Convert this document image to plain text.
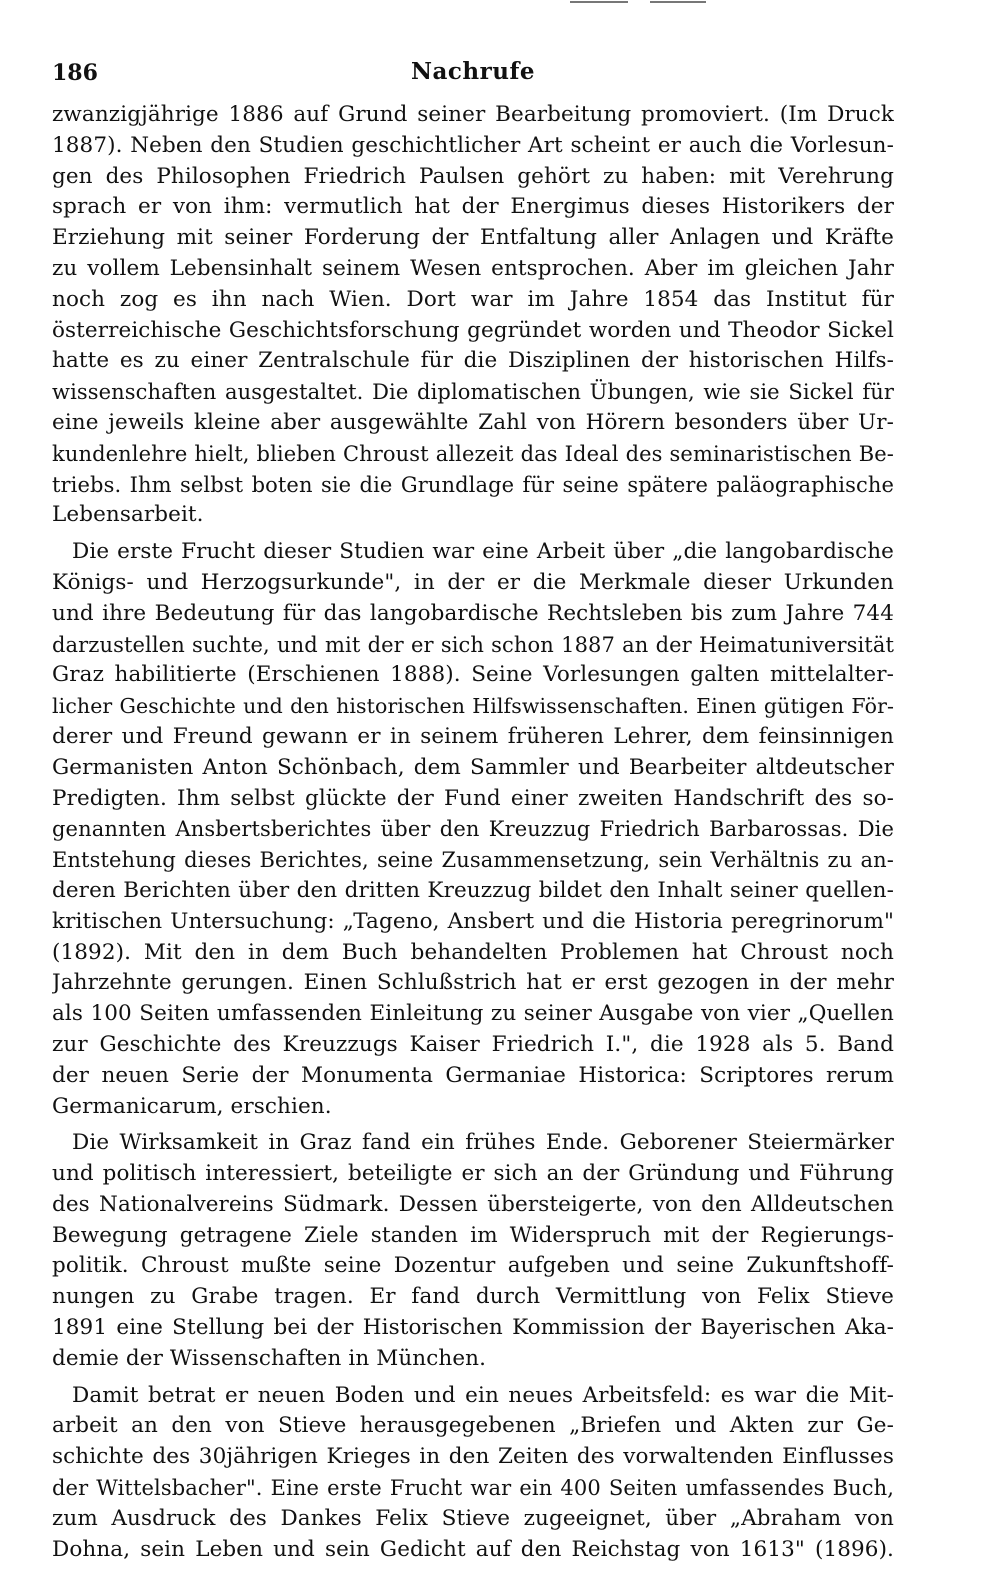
186	Nachrufe
zwanzigjährige 1886 auf Grund seiner Bearbeitung promoviert. (Im Druck
1887). Neben den Studien geschichtlicher Art scheint er auch die Vorlesun-
gen des Philosophen Friedrich Paulsen gehört zu haben: mit Verehrung
sprach er von ihm: vermutlich hat der Energimus dieses Historikers der
Erziehung mit seiner Forderung der Entfaltung aller Anlagen und Kräfte
zu vollem Lebensinhalt seinem Wesen entsprochen. Aber im gleichen Jahr
noch zog es ihn nach Wien. Dort war im Jahre 1854 das Institut für
österreichische Geschichtsforschung gegründet worden und Theodor Sickel
hatte es zu einer Zentralschule für die Disziplinen der historischen Hilfs-
wissenschaften ausgestaltet. Die diplomatischen Übungen, wie sie Sickel für
eine jeweils kleine aber ausgewählte Zahl von Hörern besonders über Ur-
kundenlehre hielt, blieben Chroust allezeit das Ideal des seminaristischen Be-
triebs. Ihm selbst boten sie die Grundlage für seine spätere paläographische
Lebensarbeit.
Die erste Frucht dieser Studien war eine Arbeit über „die langobardische
Königs- und Herzogsurkunde", in der er die Merkmale dieser Urkunden
und ihre Bedeutung für das langobardische Rechtsleben bis zum Jahre 744
darzustellen suchte, und mit der er sich schon 1887 an der Heimatuniversität
Graz habilitierte (Erschienen 1888). Seine Vorlesungen galten mittelalter-
licher Geschichte und den historischen Hilfswissenschaften. Einen gütigen För-
derer und Freund gewann er in seinem früheren Lehrer, dem feinsinnigen
Germanisten Anton Schönbach, dem Sammler und Bearbeiter altdeutscher
Predigten. Ihm selbst glückte der Fund einer zweiten Handschrift des so-
genannten Ansbertsberichtes über den Kreuzzug Friedrich Barbarossas. Die
Entstehung dieses Berichtes, seine Zusammensetzung, sein Verhältnis zu an-
deren Berichten über den dritten Kreuzzug bildet den Inhalt seiner quellen-
kritischen Untersuchung: „Tageno, Ansbert und die Historia peregrinorum"
(1892). Mit den in dem Buch behandelten Problemen hat Chroust noch
Jahrzehnte gerungen. Einen Schlußstrich hat er erst gezogen in der mehr
als 100 Seiten umfassenden Einleitung zu seiner Ausgabe von vier „Quellen
zur Geschichte des Kreuzzugs Kaiser Friedrich I.", die 1928 als 5. Band
der neuen Serie der Monumenta Germaniae Historica: Scriptores rerum
Germanicarum, erschien.
Die Wirksamkeit in Graz fand ein frühes Ende. Geborener Steiermärker
und politisch interessiert, beteiligte er sich an der Gründung und Führung
des Nationalvereins Südmark. Dessen übersteigerte, von den Alldeutschen
Bewegung getragene Ziele standen im Widerspruch mit der Regierungs-
politik. Chroust mußte seine Dozentur aufgeben und seine Zukunftshoff-
nungen zu Grabe tragen. Er fand durch Vermittlung von Felix Stieve
1891 eine Stellung bei der Historischen Kommission der Bayerischen Aka-
demie der Wissenschaften in München.
Damit betrat er neuen Boden und ein neues Arbeitsfeld: es war die Mit-
arbeit an den von Stieve herausgegebenen „Briefen und Akten zur Ge-
schichte des 30jährigen Krieges in den Zeiten des vorwaltenden Einflusses
der Wittelsbacher". Eine erste Frucht war ein 400 Seiten umfassendes Buch,
zum Ausdruck des Dankes Felix Stieve zugeeignet, über „Abraham von
Dohna, sein Leben und sein Gedicht auf den Reichstag von 1613" (1896).
